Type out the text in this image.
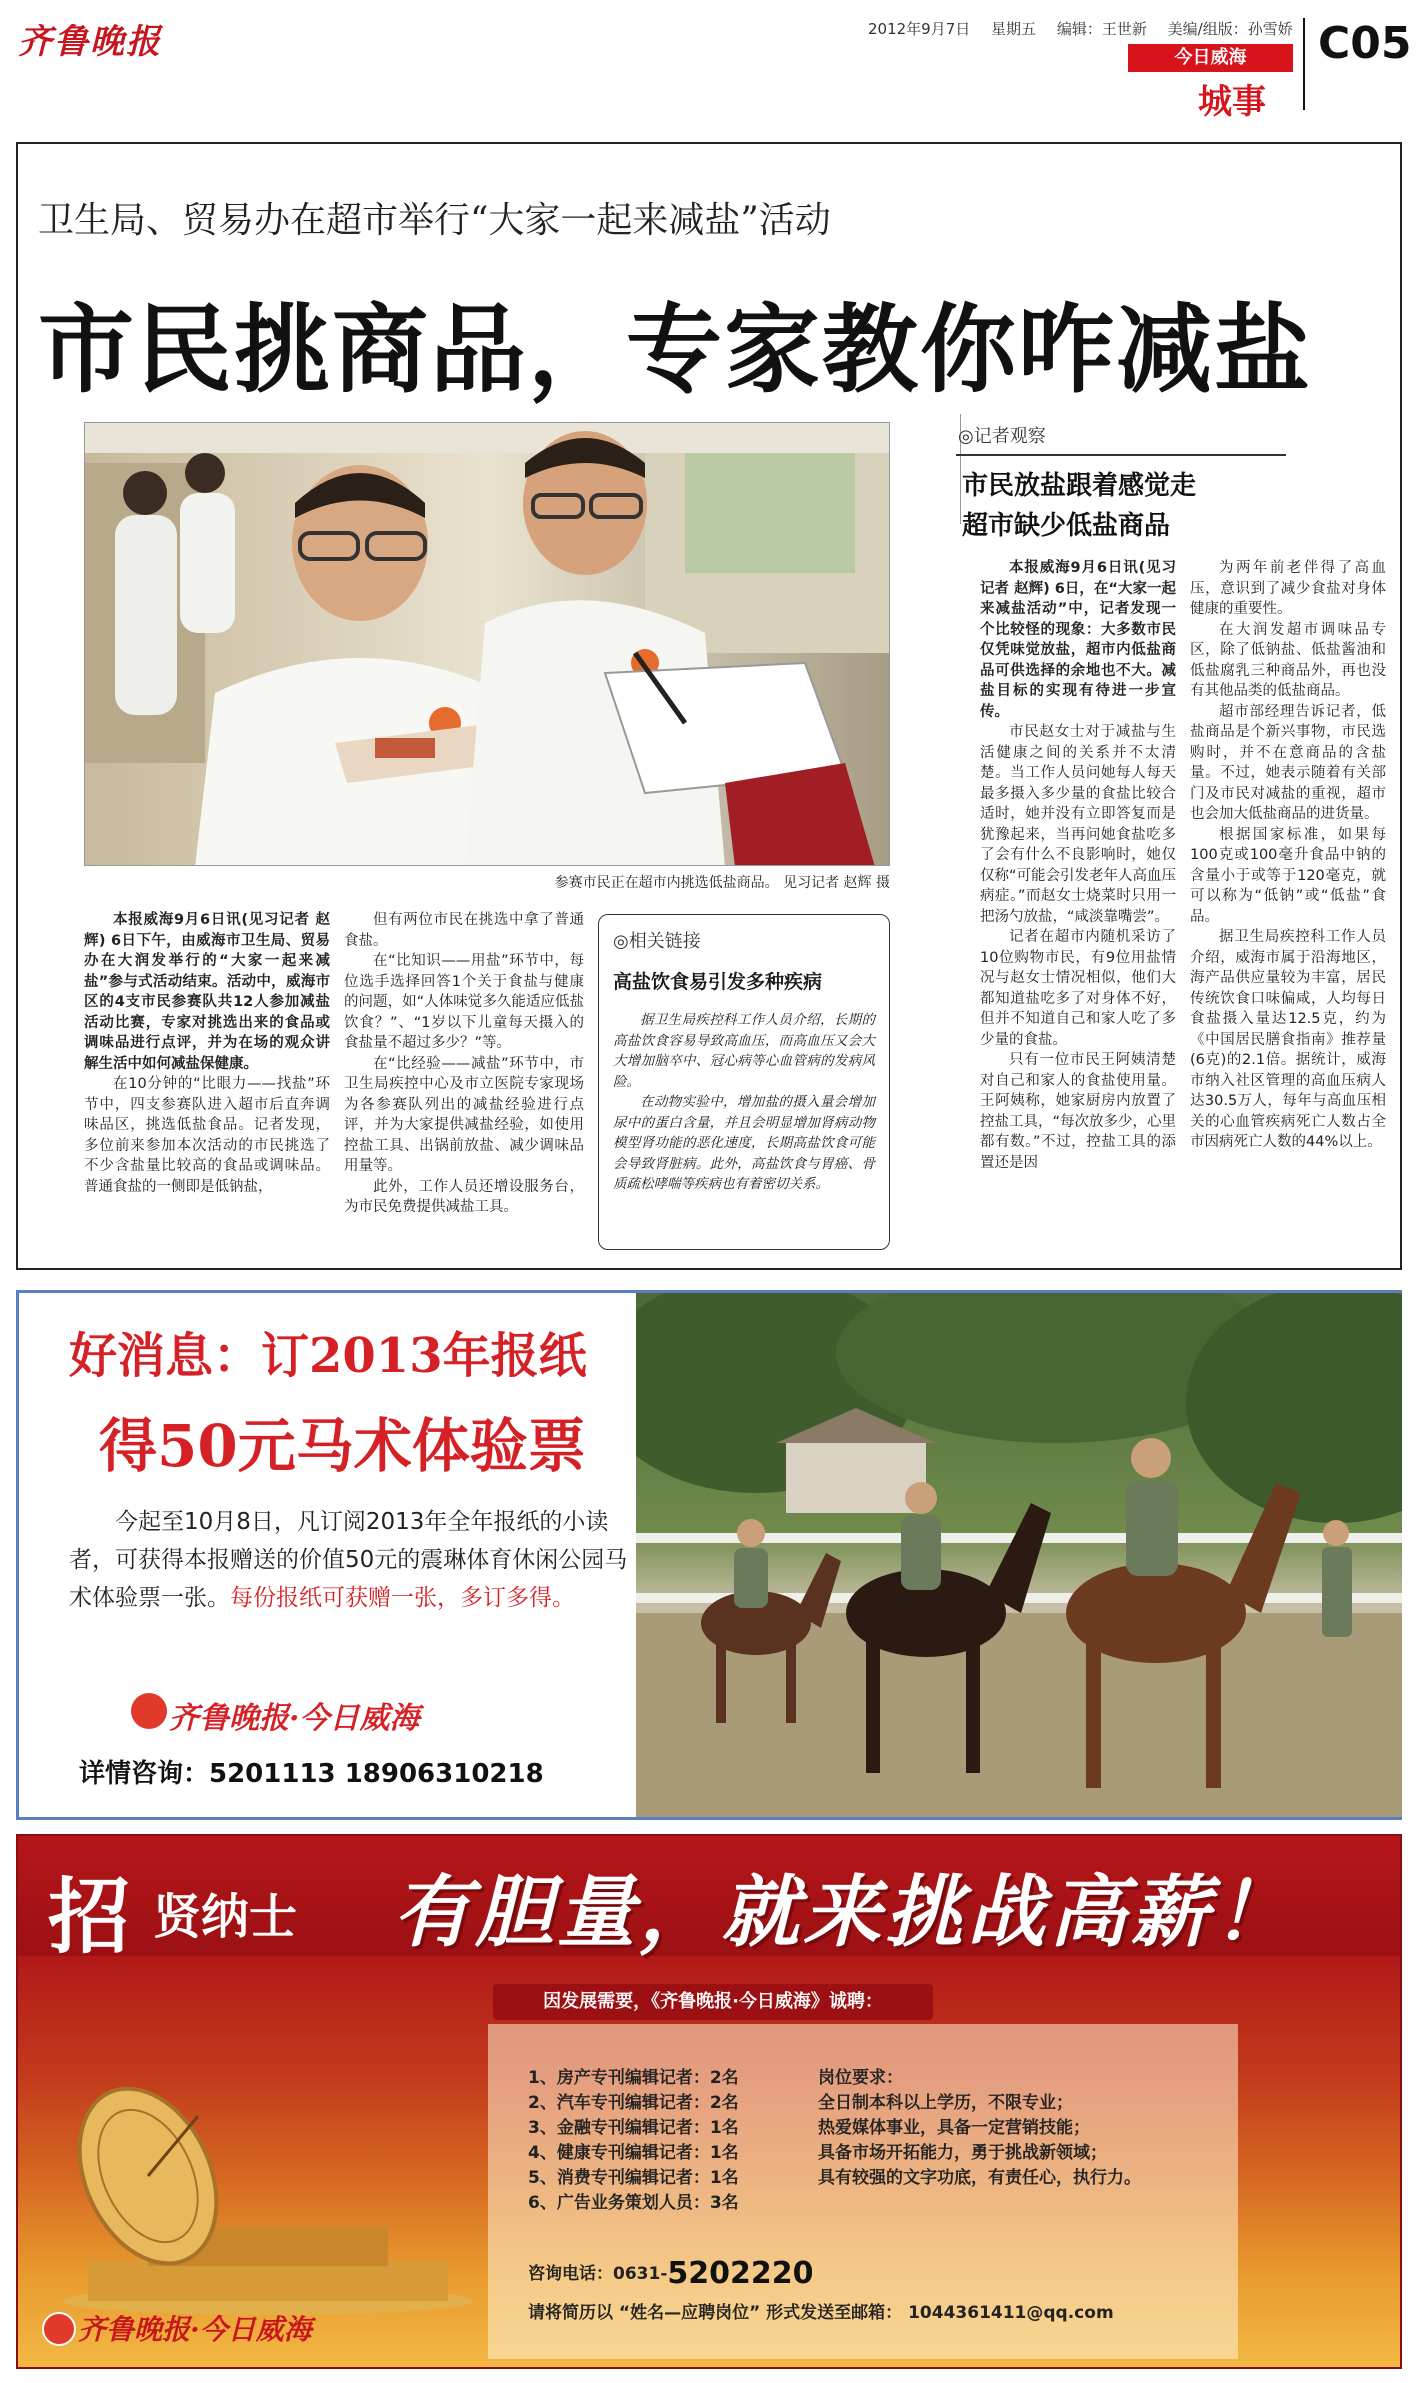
齐鲁晚报	2012年9月7日 星期五 编辑：王世新 美编/组版：孙雪娇
今日威海
城事
C05
卫生局、贸易办在超市举行“大家一起来减盐”活动
市民挑商品，专家教你咋减盐
参赛市民正在超市内挑选低盐商品。 见习记者 赵辉 摄

本报威海9月6日讯(见习记者 赵辉) 6日下午，由威海市卫生局、贸易办在大润发举行的“大家一起来减盐”参与式活动结束。活动中，威海市区的4支市民参赛队共12人参加减盐活动比赛，专家对挑选出来的食品或调味品进行点评，并为在场的观众讲解生活中如何减盐保健康。

在10分钟的“比眼力——找盐”环节中，四支参赛队进入超市后直奔调味品区，挑选低盐食品。记者发现，多位前来参加本次活动的市民挑选了不少含盐量比较高的食品或调味品。普通食盐的一侧即是低钠盐，

但有两位市民在挑选中拿了普通食盐。

在“比知识——用盐”环节中，每位选手选择回答1个关于食盐与健康的问题，如“人体味觉多久能适应低盐饮食？”、“1岁以下儿童每天摄入的食盐量不超过多少？”等。

在“比经验——减盐”环节中，市卫生局疾控中心及市立医院专家现场为各参赛队列出的减盐经验进行点评，并为大家提供减盐经验，如使用控盐工具、出锅前放盐、减少调味品用量等。

此外，工作人员还增设服务台，为市民免费提供减盐工具。

◎相关链接
高盐饮食易引发多种疾病

据卫生局疾控科工作人员介绍，长期的高盐饮食容易导致高血压，而高血压又会大大增加脑卒中、冠心病等心血管病的发病风险。

在动物实验中，增加盐的摄入量会增加尿中的蛋白含量，并且会明显增加肾病动物模型肾功能的恶化速度，长期高盐饮食可能会导致肾脏病。此外，高盐饮食与胃癌、骨质疏松哮喘等疾病也有着密切关系。

◎记者观察
市民放盐跟着感觉走
超市缺少低盐商品

本报威海9月6日讯(见习记者 赵辉) 6日，在“大家一起来减盐活动”中，记者发现一个比较怪的现象：大多数市民仅凭味觉放盐，超市内低盐商品可供选择的余地也不大。减盐目标的实现有待进一步宣传。

市民赵女士对于减盐与生活健康之间的关系并不太清楚。当工作人员问她每人每天最多摄入多少量的食盐比较合适时，她并没有立即答复而是犹豫起来，当再问她食盐吃多了会有什么不良影响时，她仅仅称“可能会引发老年人高血压病症。”而赵女士烧菜时只用一把汤勺放盐，“咸淡靠嘴尝”。

记者在超市内随机采访了10位购物市民，有9位用盐情况与赵女士情况相似，他们大都知道盐吃多了对身体不好，但并不知道自己和家人吃了多少量的食盐。

只有一位市民王阿姨清楚对自己和家人的食盐使用量。王阿姨称，她家厨房内放置了控盐工具，“每次放多少，心里都有数。”不过，控盐工具的添置还是因

为两年前老伴得了高血压，意识到了减少食盐对身体健康的重要性。

在大润发超市调味品专区，除了低钠盐、低盐酱油和低盐腐乳三种商品外，再也没有其他品类的低盐商品。

超市部经理告诉记者，低盐商品是个新兴事物，市民选购时，并不在意商品的含盐量。不过，她表示随着有关部门及市民对减盐的重视，超市也会加大低盐商品的进货量。

根据国家标准，如果每100克或100毫升食品中钠的含量小于或等于120毫克，就可以称为“低钠”或“低盐”食品。

据卫生局疾控科工作人员介绍，威海市属于沿海地区，海产品供应量较为丰富，居民传统饮食口味偏咸，人均每日食盐摄入量达12.5克，约为《中国居民膳食指南》推荐量(6克)的2.1倍。据统计，威海市纳入社区管理的高血压病人达30.5万人，每年与高血压相关的心血管疾病死亡人数占全市因病死亡人数的44%以上。

好消息：订2013年报纸
得50元马术体验票
今起至10月8日，凡订阅2013年全年报纸的小读者，可获得本报赠送的价值50元的震琳体育休闲公园马术体验票一张。每份报纸可获赠一张，多订多得。
齐鲁晚报·今日威海
详情咨询：5201113 18906310218
招 贤纳士 有胆量，就来挑战高薪！
因发展需要，《齐鲁晚报·今日威海》诚聘：
1、房产专刊编辑记者：2名
2、汽车专刊编辑记者：2名
3、金融专刊编辑记者：1名
4、健康专刊编辑记者：1名
5、消费专刊编辑记者：1名
6、广告业务策划人员：3名
岗位要求：
全日制本科以上学历，不限专业；
热爱媒体事业，具备一定营销技能；
具备市场开拓能力，勇于挑战新领域；
具有较强的文字功底，有责任心，执行力。
咨询电话：0631-5202220
请将简历以 “姓名—应聘岗位” 形式发送至邮箱： 1044361411@qq.com
齐鲁晚报·今日威海
